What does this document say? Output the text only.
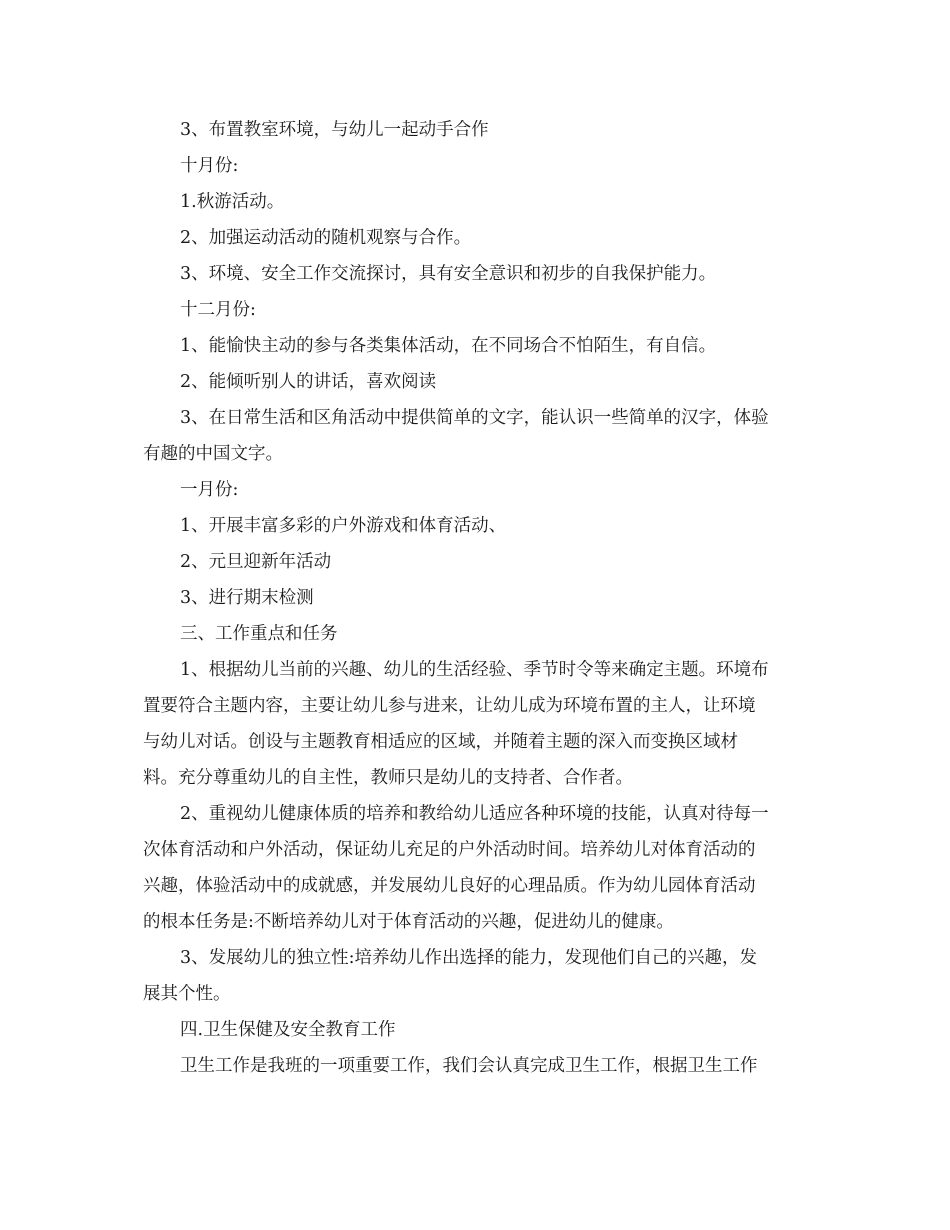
3、布置教室环境，与幼儿一起动手合作

十月份:

1.秋游活动。

2、加强运动活动的随机观察与合作。

3、环境、安全工作交流探讨，具有安全意识和初步的自我保护能力。

十二月份:

1、能愉快主动的参与各类集体活动，在不同场合不怕陌生，有自信。

2、能倾听别人的讲话，喜欢阅读

3、在日常生活和区角活动中提供简单的文字，能认识一些简单的汉字，体验

有趣的中国文字。

一月份:

1、开展丰富多彩的户外游戏和体育活动、

2、元旦迎新年活动

3、进行期末检测

三、工作重点和任务

1、根据幼儿当前的兴趣、幼儿的生活经验、季节时令等来确定主题。环境布

置要符合主题内容，主要让幼儿参与进来，让幼儿成为环境布置的主人，让环境

与幼儿对话。创设与主题教育相适应的区域，并随着主题的深入而变换区域材

料。充分尊重幼儿的自主性，教师只是幼儿的支持者、合作者。

2、重视幼儿健康体质的培养和教给幼儿适应各种环境的技能，认真对待每一

次体育活动和户外活动，保证幼儿充足的户外活动时间。培养幼儿对体育活动的

兴趣，体验活动中的成就感，并发展幼儿良好的心理品质。作为幼儿园体育活动

的根本任务是:不断培养幼儿对于体育活动的兴趣，促进幼儿的健康。

3、发展幼儿的独立性:培养幼儿作出选择的能力，发现他们自己的兴趣，发

展其个性。

四.卫生保健及安全教育工作

卫生工作是我班的一项重要工作，我们会认真完成卫生工作，根据卫生工作
